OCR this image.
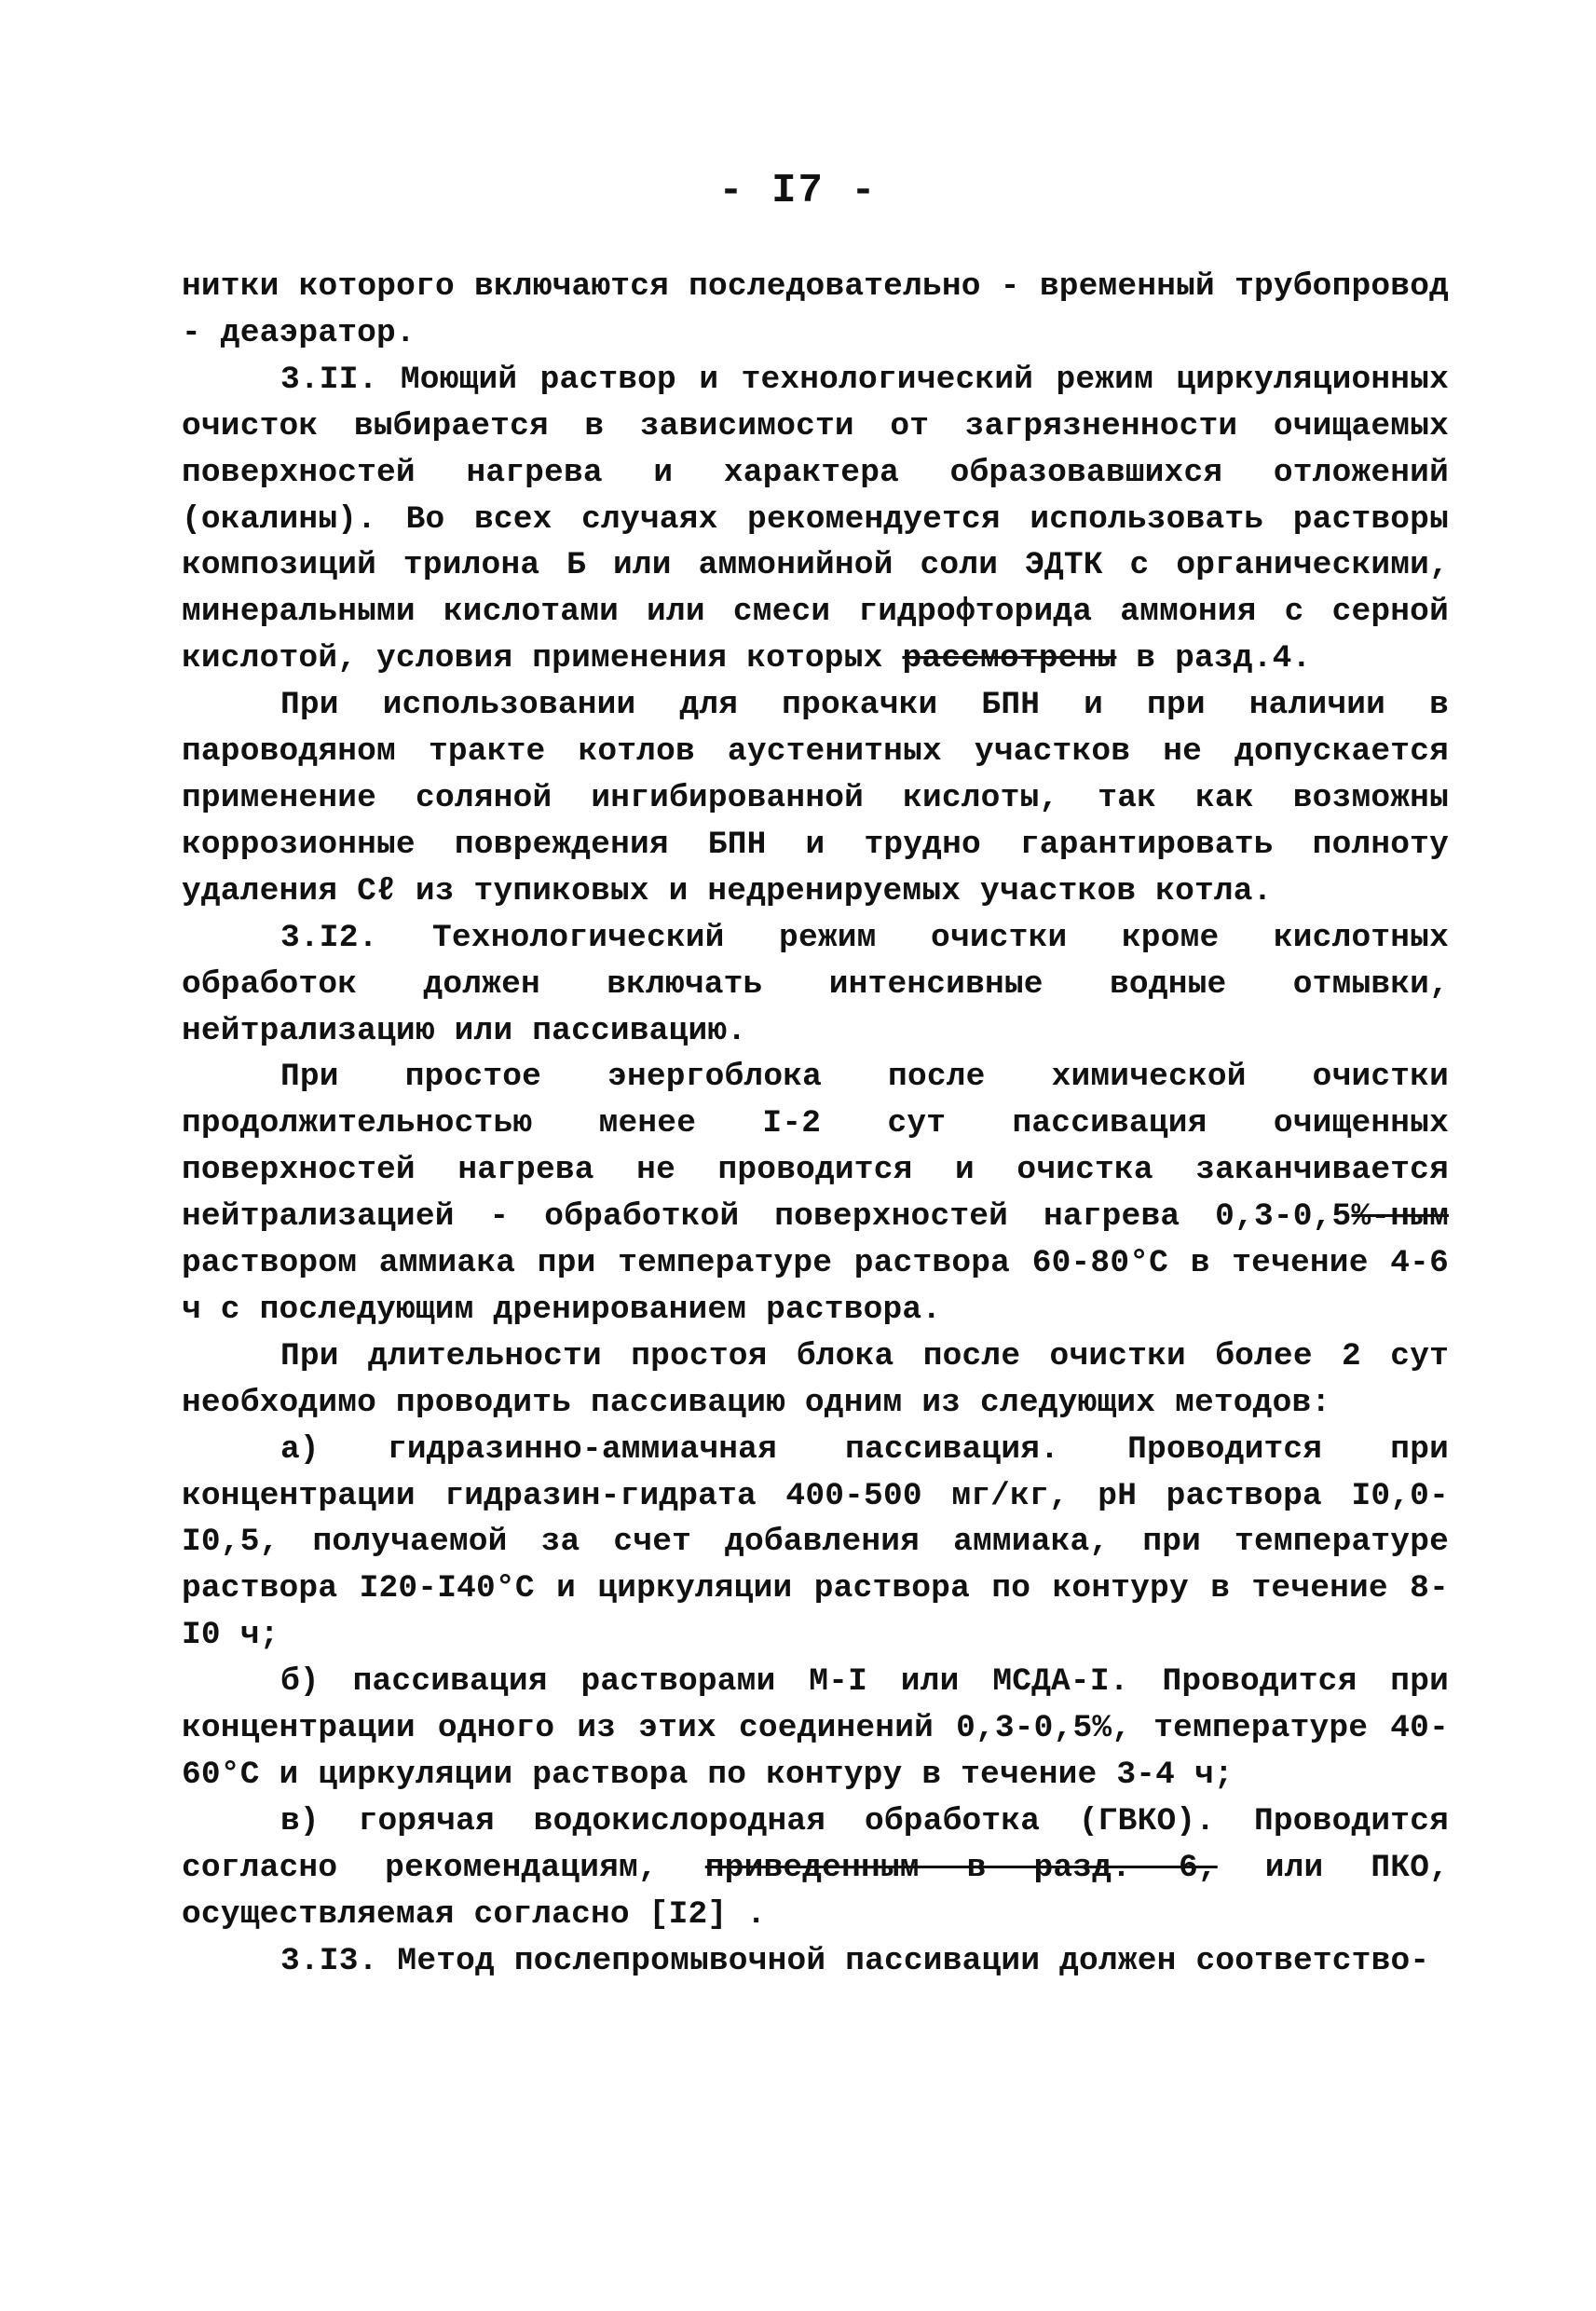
- I7 -

нитки которого включаются последовательно - временный трубопровод - деаэратор.

3.II. Моющий раствор и технологический режим циркуляционных очисток выбирается в зависимости от загрязненности очищаемых поверхностей нагрева и характера образовавшихся отложений (окалины). Во всех случаях рекомендуется использовать растворы композиций трилона Б или аммонийной соли ЭДТК с органическими, минеральными кислотами или смеси гидрофторида аммония с серной кислотой, условия применения которых рассмотрены в разд.4.

При использовании для прокачки БПН и при наличии в пароводяном тракте котлов аустенитных участков не допускается применение соляной ингибированной кислоты, так как возможны коррозионные повреждения БПН и трудно гарантировать полноту удаления Cℓ из тупиковых и недренируемых участков котла.

3.I2. Технологический режим очистки кроме кислотных обработок должен включать интенсивные водные отмывки, нейтрализацию или пассивацию.

При простое энергоблока после химической очистки продолжительностью менее I-2 сут пассивация очищенных поверхностей нагрева не проводится и очистка заканчивается нейтрализацией - обработкой поверхностей нагрева 0,3-0,5%-ным раствором аммиака при температуре раствора 60-80°C в течение 4-6 ч с последующим дренированием раствора.

При длительности простоя блока после очистки более 2 сут необходимо проводить пассивацию одним из следующих методов:

а) гидразинно-аммиачная пассивация. Проводится при концентрации гидразин-гидрата 400-500 мг/кг, pH раствора I0,0-I0,5, получаемой за счет добавления аммиака, при температуре раствора I20-I40°C и циркуляции раствора по контуру в течение 8-I0 ч;

б) пассивация растворами М-I или МСДА-I. Проводится при концентрации одного из этих соединений 0,3-0,5%, температуре 40-60°C и циркуляции раствора по контуру в течение 3-4 ч;

в) горячая водокислородная обработка (ГВКО). Проводится согласно рекомендациям, приведенным в разд. 6, или ПКО, осуществляемая согласно [I2] .

3.I3. Метод послепромывочной пассивации должен соответство-
